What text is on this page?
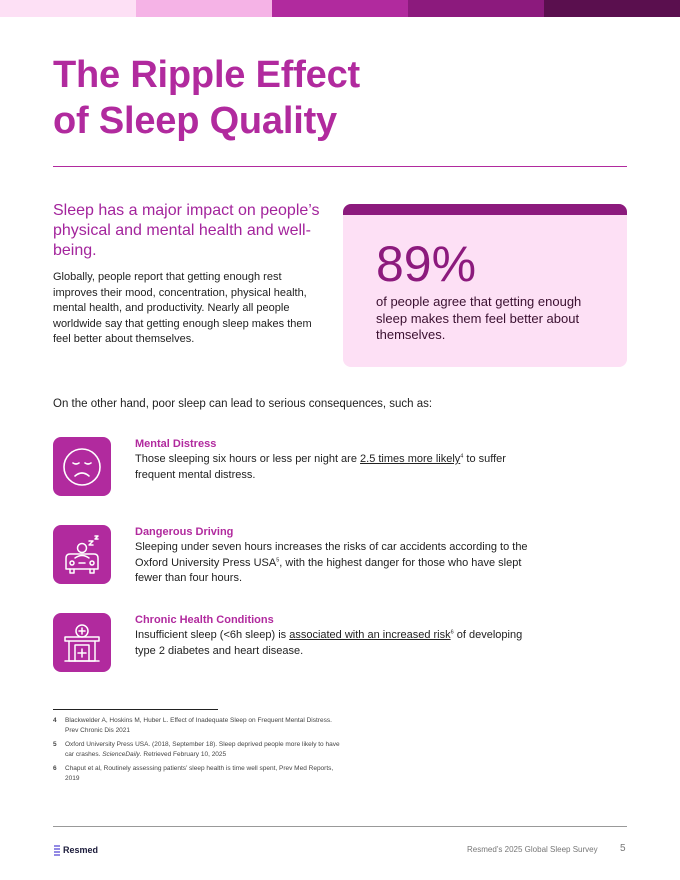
The Ripple Effect
of Sleep Quality

Sleep has a major impact on people’s physical and mental health and well-being.

Globally, people report that getting enough rest improves their mood, concentration, physical health, mental health, and productivity. Nearly all people worldwide say that getting enough sleep makes them feel better about themselves.

89%
of people agree that getting enough sleep makes them feel better about themselves.

On the other hand, poor sleep can lead to serious consequences, such as:

Mental Distress
Those sleeping six hours or less per night are 2.5 times more likely$^4$ to suffer frequent mental distress.
Dangerous Driving
Sleeping under seven hours increases the risks of car accidents according to the Oxford University Press USA$^5$, with the highest danger for those who have slept fewer than four hours.
Chronic Health Conditions
Insufficient sleep (<6h sleep) is associated with an increased risk$^6$ of developing type 2 diabetes and heart disease.
4	Blackwelder A, Hoskins M, Huber L. Effect of Inadequate Sleep on Frequent Mental Distress. Prev Chronic Dis 2021
5	Oxford University Press USA. (2018, September 18). Sleep deprived people more likely to have car crashes. ScienceDaily. Retrieved February 10, 2025
6	Chaput et al, Routinely assessing patients’ sleep health is time well spent, Prev Med Reports, 2019
Resmed	Resmed’s 2025 Global Sleep Survey 5
